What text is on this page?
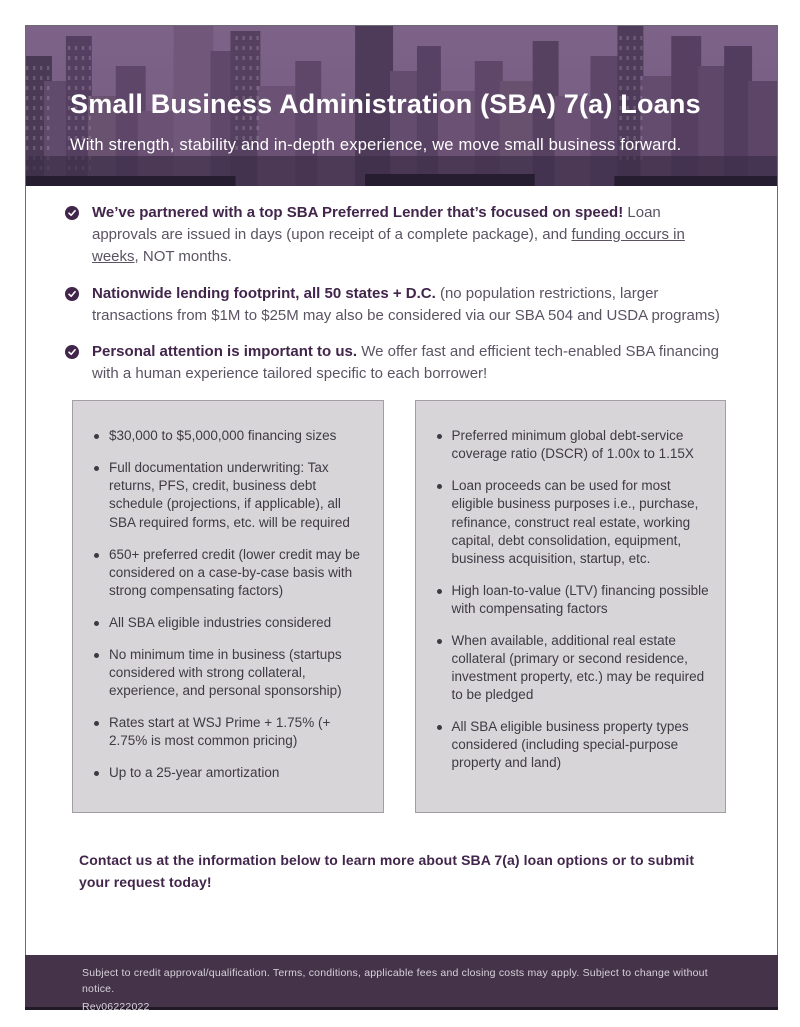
Small Business Administration (SBA) 7(a) Loans

With strength, stability and in-depth experience, we move small business forward.

We’ve partnered with a top SBA Preferred Lender that’s focused on speed! Loan approvals are issued in days (upon receipt of a complete package), and funding occurs in weeks, NOT months.

Nationwide lending footprint, all 50 states + D.C. (no population restrictions, larger transactions from $1M to $25M may also be considered via our SBA 504 and USDA programs)

Personal attention is important to us. We offer fast and efficient tech-enabled SBA financing with a human experience tailored specific to each borrower!

$30,000 to $5,000,000 financing sizes
Full documentation underwriting: Tax returns, PFS, credit, business debt schedule (projections, if applicable), all SBA required forms, etc. will be required
650+ preferred credit (lower credit may be considered on a case-by-case basis with strong compensating factors)
All SBA eligible industries considered
No minimum time in business (startups considered with strong collateral, experience, and personal sponsorship)
Rates start at WSJ Prime + 1.75% (+ 2.75% is most common pricing)
Up to a 25-year amortization
Preferred minimum global debt-service coverage ratio (DSCR) of 1.00x to 1.15X
Loan proceeds can be used for most eligible business purposes i.e., purchase, refinance, construct real estate, working capital, debt consolidation, equipment, business acquisition, startup, etc.
High loan-to-value (LTV) financing possible with compensating factors
When available, additional real estate collateral (primary or second residence, investment property, etc.) may be required to be pledged
All SBA eligible business property types considered (including special-purpose property and land)

Contact us at the information below to learn more about SBA 7(a) loan options or to submit your request today!

Subject to credit approval/qualification. Terms, conditions, applicable fees and closing costs may apply. Subject to change without notice.

Rev06222022
